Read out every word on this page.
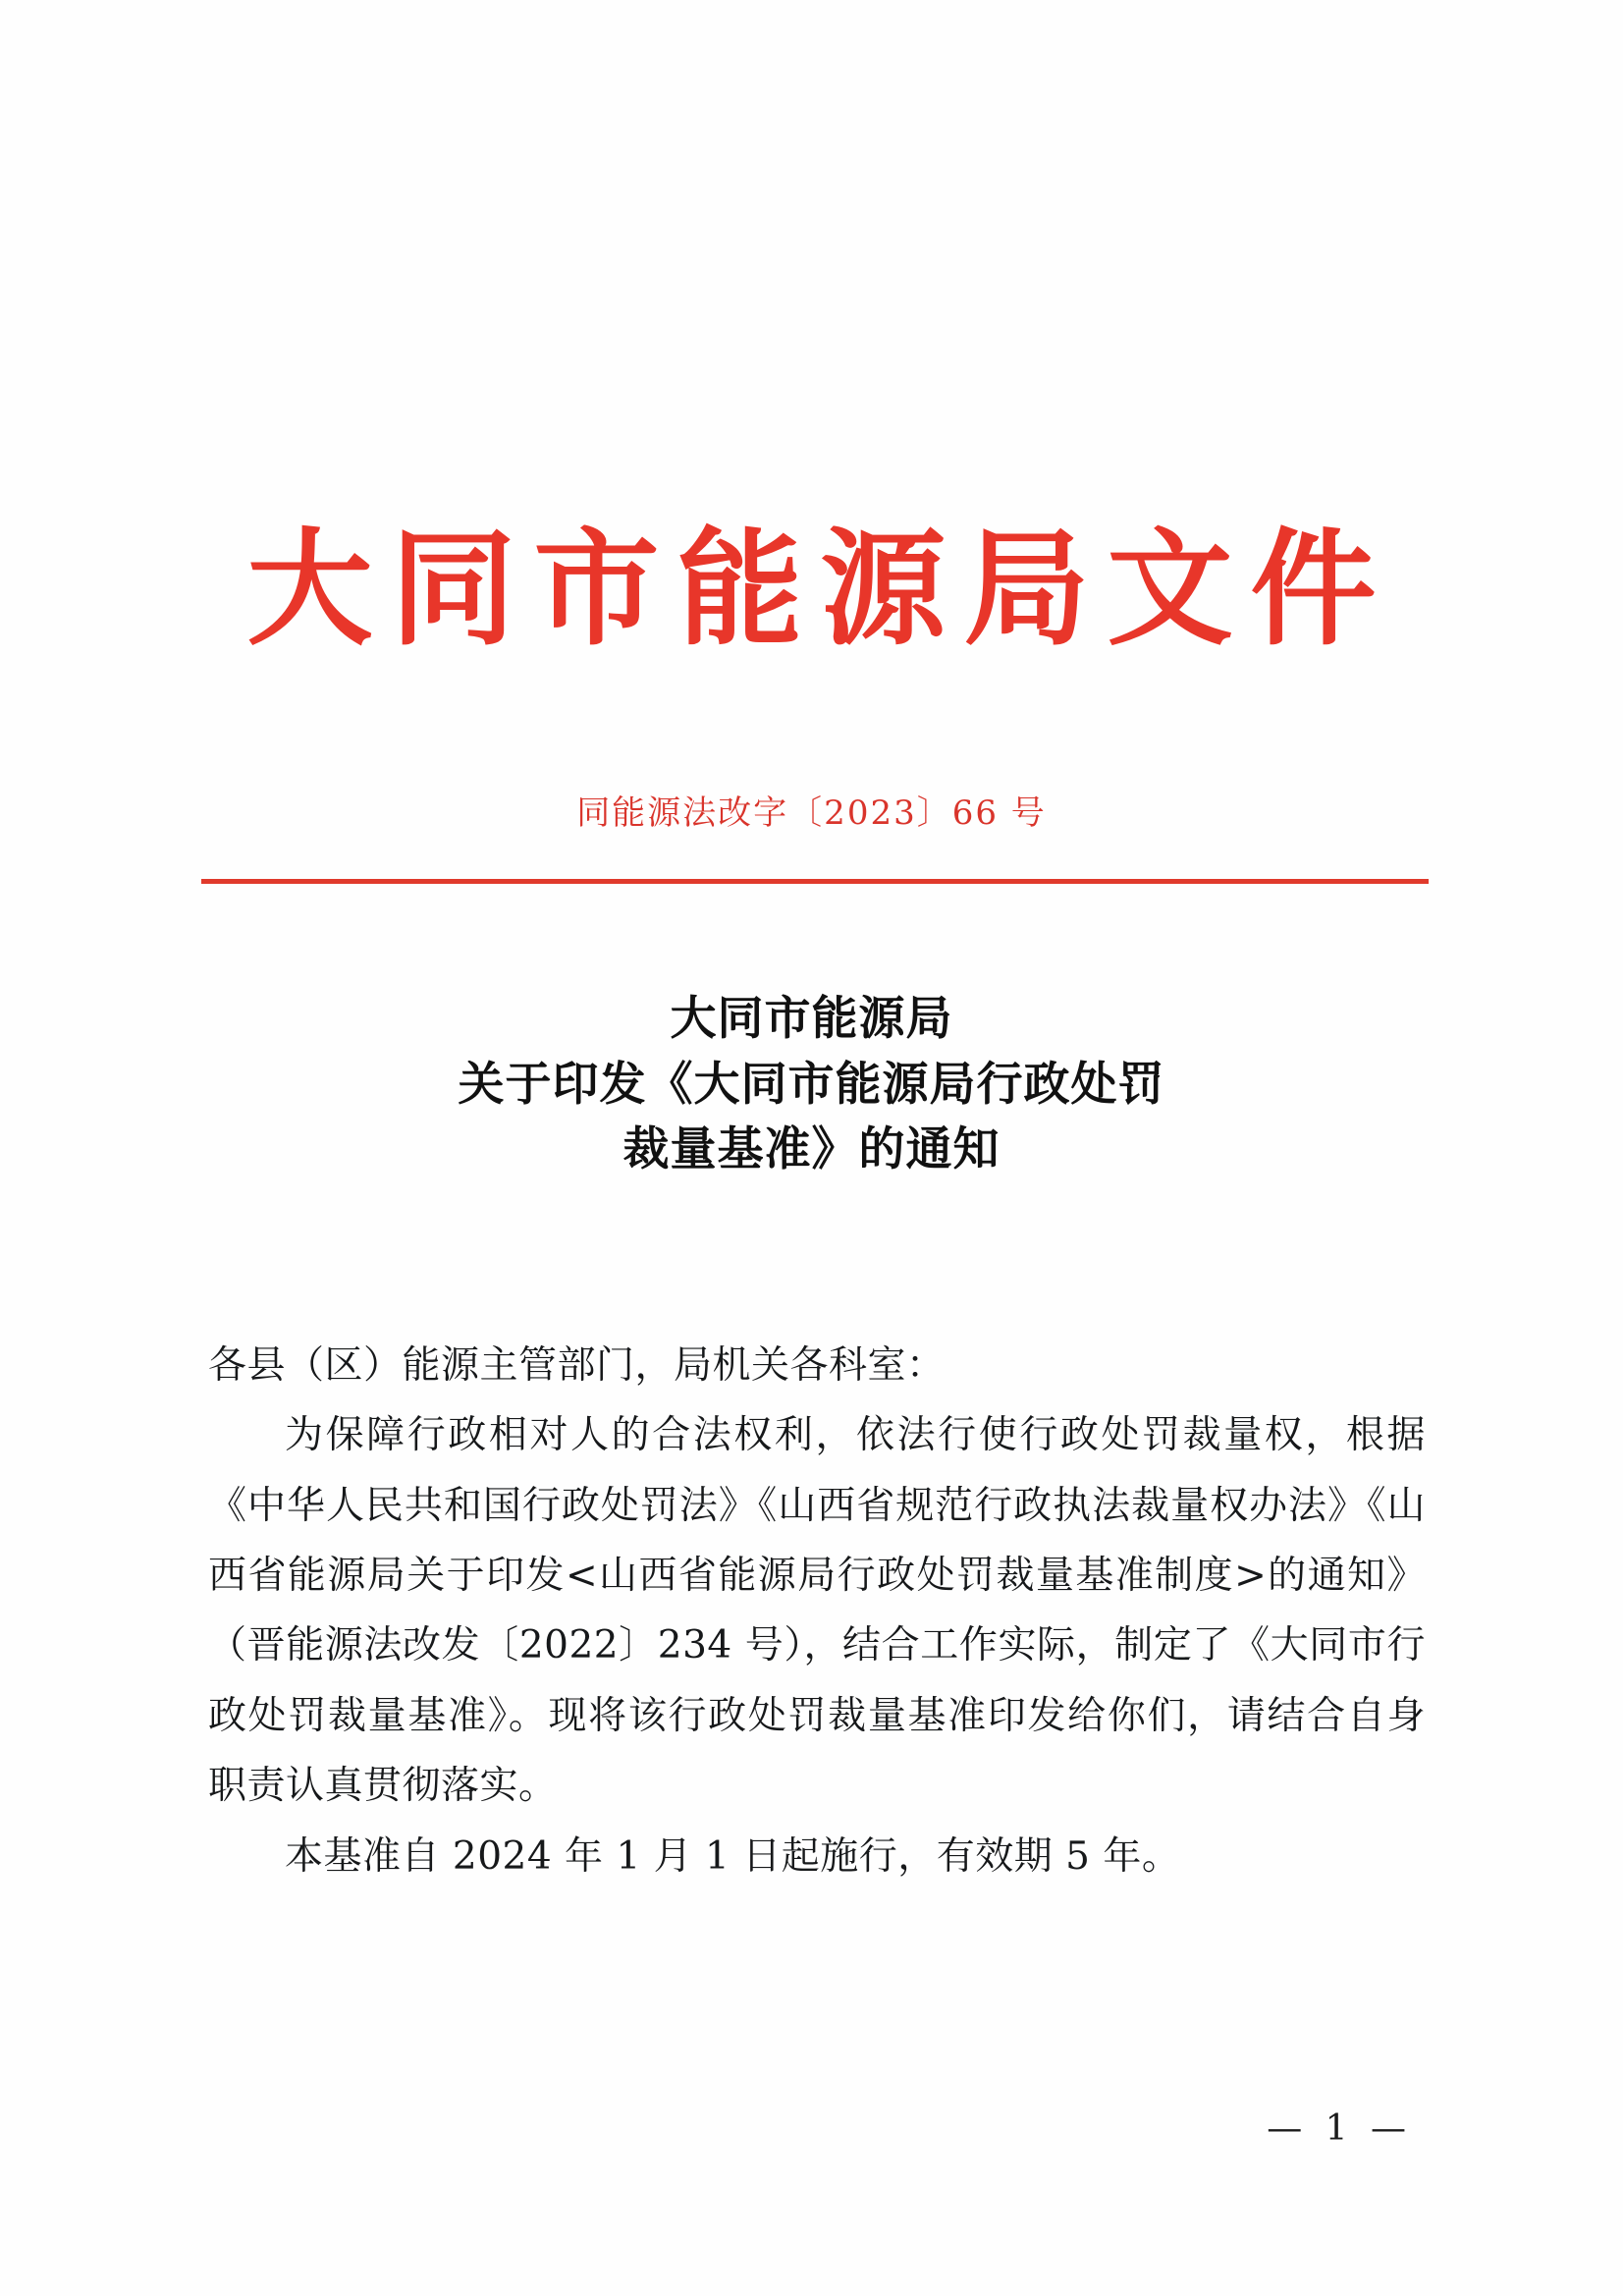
大同市能源局文件
同能源法改字〔2023〕66 号
大同市能源局
关于印发《大同市能源局行政处罚
裁量基准》的通知

各县（区）能源主管部门，局机关各科室：

为保障行政相对人的合法权利，依法行使行政处罚裁量权，根据《中华人民共和国行政处罚法》《山西省规范行政执法裁量权办法》《山西省能源局关于印发<山西省能源局行政处罚裁量基准制度>的通知》（晋能源法改发〔2022〕234 号），结合工作实际，制定了《大同市行政处罚裁量基准》。现将该行政处罚裁量基准印发给你们，请结合自身职责认真贯彻落实。

本基准自 2024 年 1 月 1 日起施行，有效期 5 年。

— 1 —
